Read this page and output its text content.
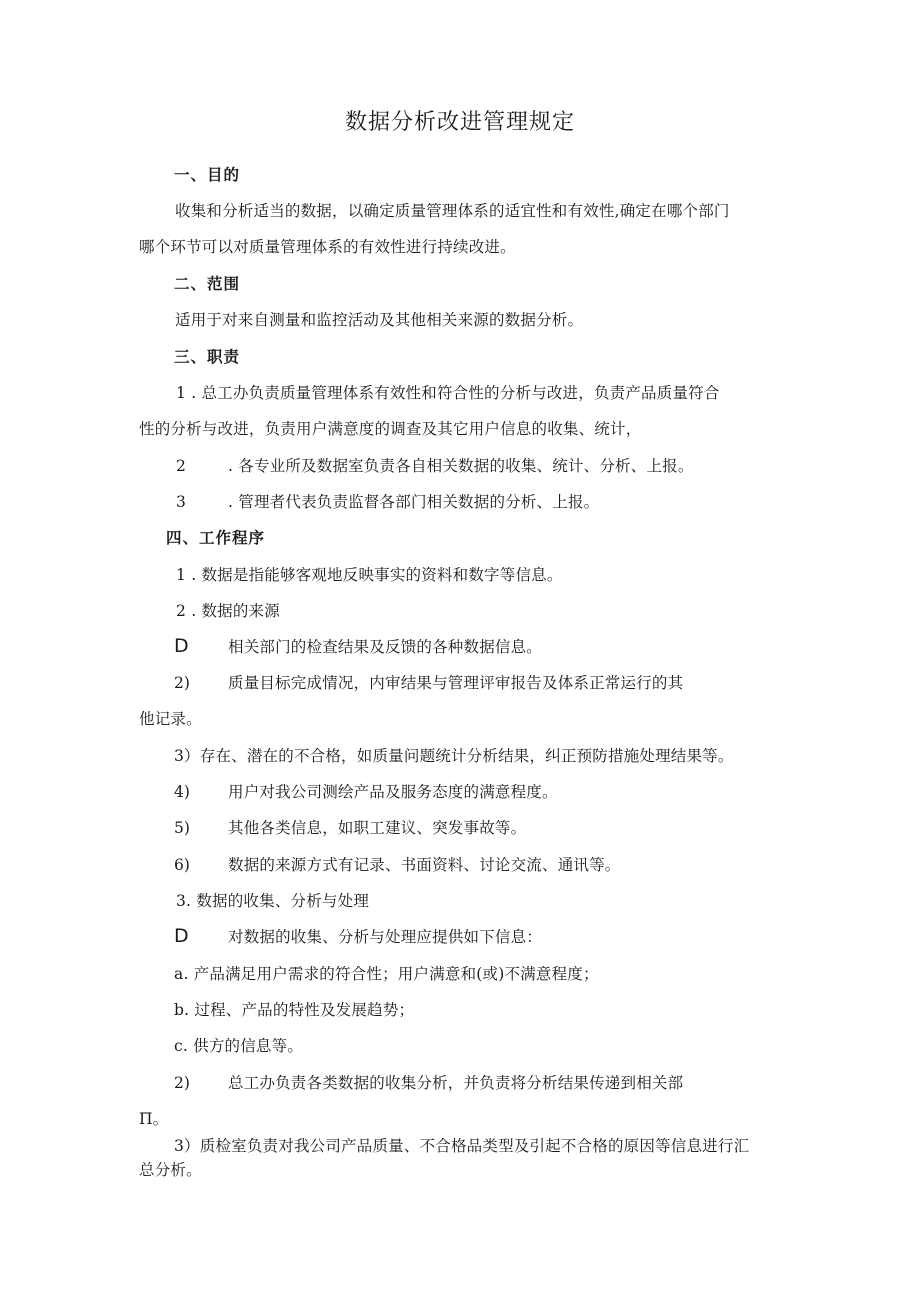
数据分析改进管理规定
一、目的
收集和分析适当的数据，以确定质量管理体系的适宜性和有效性,确定在哪个部门
哪个环节可以对质量管理体系的有效性进行持续改进。
二、范围
适用于对来自测量和监控活动及其他相关来源的数据分析。
三、职责
1 . 总工办负责质量管理体系有效性和符合性的分析与改进，负责产品质量符合
性的分析与改进，负责用户满意度的调查及其它用户信息的收集、统计，
2	. 各专业所及数据室负责各自相关数据的收集、统计、分析、上报。
3	. 管理者代表负责监督各部门相关数据的分析、上报。
四、工作程序
1 . 数据是指能够客观地反映事实的资料和数字等信息。
2 . 数据的来源
D	相关部门的检查结果及反馈的各种数据信息。
2) 质量目标完成情况，内审结果与管理评审报告及体系正常运行的其
他记录。
3）存在、潜在的不合格，如质量问题统计分析结果，纠正预防措施处理结果等。
4) 用户对我公司测绘产品及服务态度的满意程度。
5) 其他各类信息，如职工建议、突发事故等。
6) 数据的来源方式有记录、书面资料、讨论交流、通讯等。
3. 数据的收集、分析与处理
D	对数据的收集、分析与处理应提供如下信息：
a. 产品满足用户需求的符合性；用户满意和(或)不满意程度；
b. 过程、产品的特性及发展趋势；
c. 供方的信息等。
2) 总工办负责各类数据的收集分析，并负责将分析结果传递到相关部
Π。
3）质检室负责对我公司产品质量、不合格品类型及引起不合格的原因等信息进行汇
总分析。
